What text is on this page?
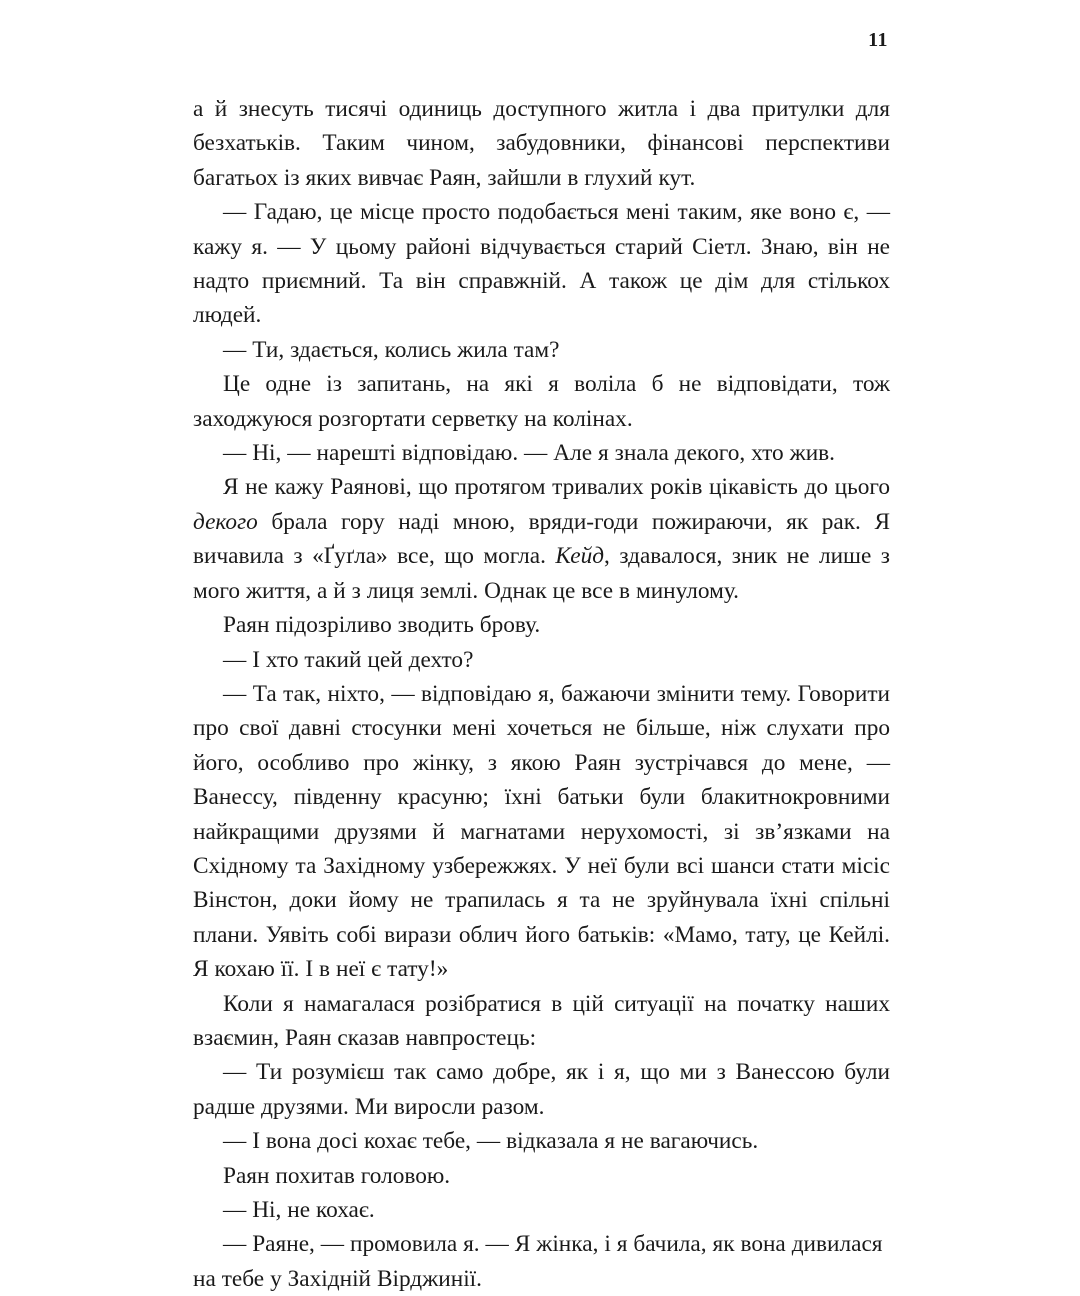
11

а й знесуть тисячі одиниць доступного житла і два притулки для безхатьків. Таким чином, забудовники, фінансові перспективи багатьох із яких вивчає Раян, зайшли в глухий кут.

— Гадаю, це місце просто подобається мені таким, яке воно є, — кажу я. — У цьому районі відчувається старий Сіетл. Знаю, він не надто приємний. Та він справжній. А також це дім для стількох людей.

— Ти, здається, колись жила там?

Це одне із запитань, на які я воліла б не відповідати, тож заходжуюся розгортати серветку на колінах.

— Ні, — нарешті відповідаю. — Але я знала декого, хто жив.

Я не кажу Раянові, що протягом тривалих років цікавість до цього декого брала гору наді мною, вряди-годи пожираючи, як рак. Я вичавила з «Ґуґла» все, що могла. Кейд, здавалося, зник не лише з мого життя, а й з лиця землі. Однак це все в минулому.

Раян підозріливо зводить брову.

— І хто такий цей дехто?

— Та так, ніхто, — відповідаю я, бажаючи змінити тему. Говорити про свої давні стосунки мені хочеться не більше, ніж слухати про його, особливо про жінку, з якою Раян зустрічався до мене, — Ванессу, південну красуню; їхні батьки були блакитнокровними найкращими друзями й магнатами нерухомості, зі зв’язками на Східному та Західному узбережжях. У неї були всі шанси стати місіс Вінстон, доки йому не трапилась я та не зруйнувала їхні спільні плани. Уявіть собі вирази облич його батьків: «Мамо, тату, це Кейлі. Я кохаю її. І в неї є тату!»

Коли я намагалася розібратися в цій ситуації на початку наших взаємин, Раян сказав навпростець:

— Ти розумієш так само добре, як і я, що ми з Ванессою були радше друзями. Ми виросли разом.

— І вона досі кохає тебе, — відказала я не вагаючись.

Раян похитав головою.

— Ні, не кохає.

— Раяне, — промовила я. — Я жінка, і я бачила, як вона дивилася на тебе у Західній Вірджинії.
